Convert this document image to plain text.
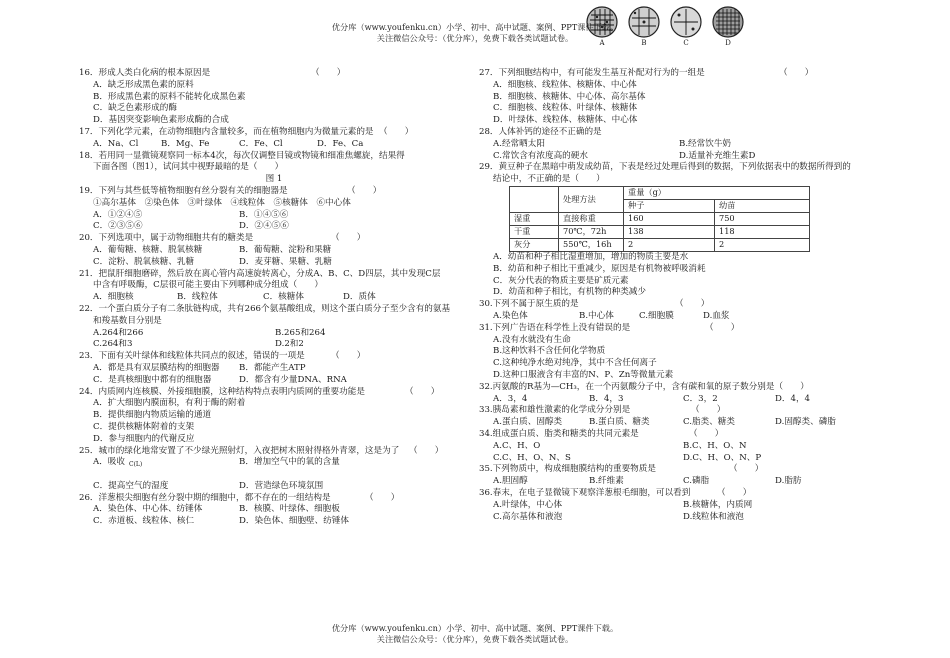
A	B	C	D
优分库（www.youfenku.cn）小学、初中、高中试题、案例、PPT课件下载。
关注微信公众号：（优分库），免费下载各类试题试卷。
16．形成人类白化病的根本原因是	（　　）
A．缺乏形成黑色素的原料
B．形成黑色素的原料不能转化成黑色素
C．缺乏色素形成的酶
D．基因突变影响色素形成酶的合成
17．下列化学元素，在动物细胞内含量较多，而在植物细胞内为微量元素的是 （　　）
A．Na、Cl	B．Mg、Fe	C．Fe、Cl	D．Fe、Ca
18．若用同一显微镜观察同一标本4次，每次仅调整目镜或物镜和细准焦螺旋，结果得
下面各图（图1），试问其中视野最暗的是（　　）
图 1
19．下列与其些低等植物细胞有丝分裂有关的细胞器是	（　　）
①高尔基体　②染色体　③叶绿体　④线粒体　⑤核糖体　⑥中心体
A．①②④⑤	B．①④⑤⑥
C．②③⑤⑥	D．②④⑤⑥
20．下列选项中，属于动物细胞共有的糖类是	（　　）
A．葡萄糖、核糖、脱氧核糖	B．葡萄糖、淀粉和果糖
C．淀粉、脱氧核糖、乳糖	D．麦芽糖、果糖、乳糖
21．把鼠肝细胞磨碎，然后放在离心管内高速旋转离心，分成A、B、C、D四层，其中发现C层
中含有呼吸酶，C层很可能主要由下列哪种成分组成（　　）
A．细胞核	B．线粒体	C．核糖体	D．质体
22．一个蛋白质分子有二条肽链构成，共有266个氨基酸组成，则这个蛋白质分子至少含有的氨基
和羧基数目分别是
A.264和266	B.265和264
C.264和3	D.2和2
23．下面有关叶绿体和线粒体共同点的叙述，错误的一项是	（　　）
A．都是具有双层膜结构的细胞器 B．都能产生ATP
C．是真核细胞中都有的细胞器	D．都含有少量DNA、RNA
24．内质网内连核膜、外接细胞膜，这种结构特点表明内质网的重要功能是	（　　）
A．扩大细胞内膜面积，有利于酶的附着
B．提供细胞内物质运输的通道
C．提供核糖体附着的支架
D．参与细胞内的代谢反应
25．城市的绿化地常安置了不少绿光照射灯，入夜把树木照射得格外青翠，这是为了 （　　）
A．吸收 C(L)	B．增加空气中的氧的含量
C．提高空气的湿度	D．营造绿色环境氛围
26．洋葱根尖细胞有丝分裂中期的细胞中，都不存在的一组结构是	（　　）
A．染色体、中心体、纺锤体	B．核膜、叶绿体、细胞板
C．赤道板、线粒体、核仁	D．染色体、细胞壁、纺锤体
27．下列细胞结构中，有可能发生基互补配对行为的一组是	（　　）
A．细胞核、线粒体、核糖体、中心体
B．细胞核、核糖体、中心体、高尔基体
C．细胞核、线粒体、叶绿体、核糖体
D．叶绿体、线粒体、核糖体、中心体
28．人体补钙的途径不正确的是
A.经常晒太阳	B.经常饮牛奶
C.常饮含有浓度高的硬水	D.适量补充维生素D
29．黄豆种子在黑暗中萌发成幼苗，下表是经过处理后得到的数据，下列依据表中的数据所得到的
结论中，不正确的是（　　）
	处理方法	重量（g）	
		种子	幼苗
湿重	直接称重	160	750
干重	70℃，72h	138	118
灰分	550℃，16h	2	2
A．幼苗和种子相比湿重增加，增加的物质主要是水
B．幼苗和种子相比干重减少，原因是有机物被呼吸消耗
C．灰分代表的物质主要是矿质元素
D．幼苗和种子相比，有机物的种类减少
30.下列不属于原生质的是	（　　）
A.染色体	B.中心体	C.细胞膜	D.血浆
31.下列广告语在科学性上没有错误的是	（　　）
A.没有水就没有生命
B.这种饮料不含任何化学物质
C.这种纯净水绝对纯净，其中不含任何离子
D.这种口服液含有丰富的N、P、Zn等微量元素
32.丙氨酸的R基为—CH₃，在一个丙氨酸分子中，含有碳和氧的原子数分别是（　　）
A．3，4	B．4，3	C．3，2	D．4，4
33.胰岛素和雄性激素的化学成分分别是	（　　）
A.蛋白质、固醇类	B.蛋白质、糖类	C.脂类、糖类	D.固醇类、磷脂
34.组成蛋白质、脂类和糖类的共同元素是	（　　）
A.C、H、O	B.C、H、O、N
C.C、H、O、N、S	D.C、H、O、N、P
35.下列物质中，构成细胞膜结构的重要物质是	（　　）
A.胆固醇	B.纤维素	C.磷脂	D.脂肪
36.春末，在电子显微镜下观察洋葱根毛细胞，可以看到	（　　）
A.叶绿体，中心体	B.核糖体，内质网
C.高尔基体和液泡	D.线粒体和液泡
优分库（www.youfenku.cn）小学、初中、高中试题、案例、PPT课件下载。
关注微信公众号：（优分库），免费下载各类试题试卷。
